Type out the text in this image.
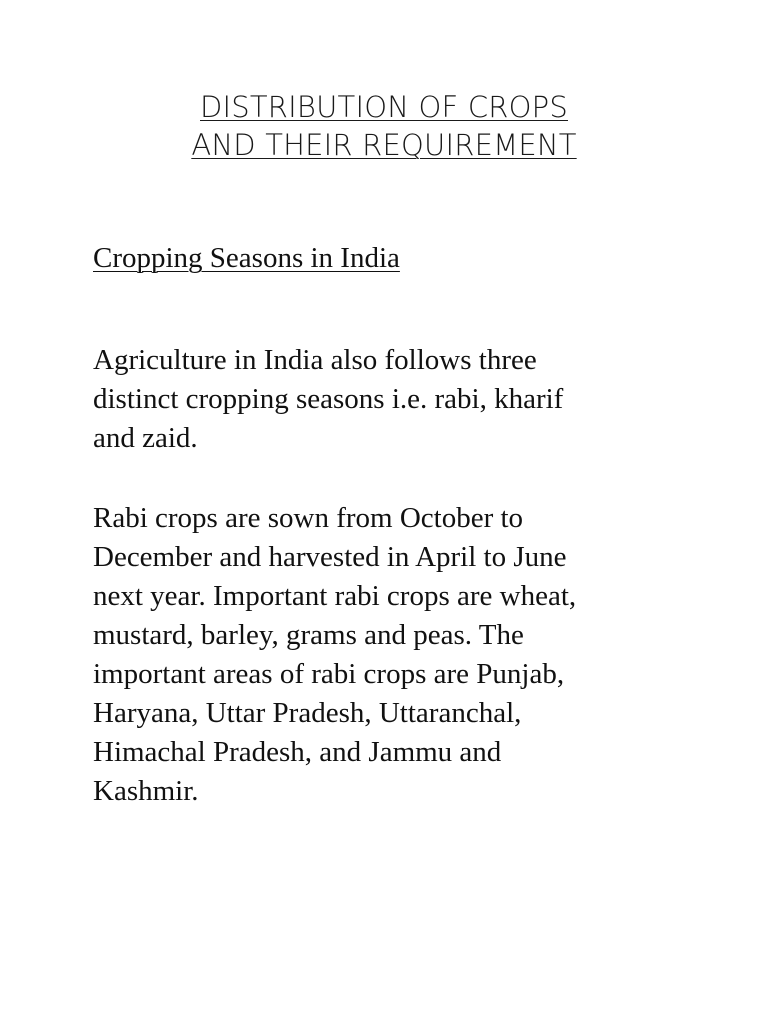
DISTRIBUTION OF CROPS
AND THEIR REQUIREMENT
Cropping Seasons in India

Agriculture in India also follows three
distinct cropping seasons i.e. rabi, kharif
and zaid.

Rabi crops are sown from October to
December and harvested in April to June
next year. Important rabi crops are wheat,
mustard, barley, grams and peas. The
important areas of rabi crops are Punjab,
Haryana, Uttar Pradesh, Uttaranchal,
Himachal Pradesh, and Jammu and
Kashmir.
